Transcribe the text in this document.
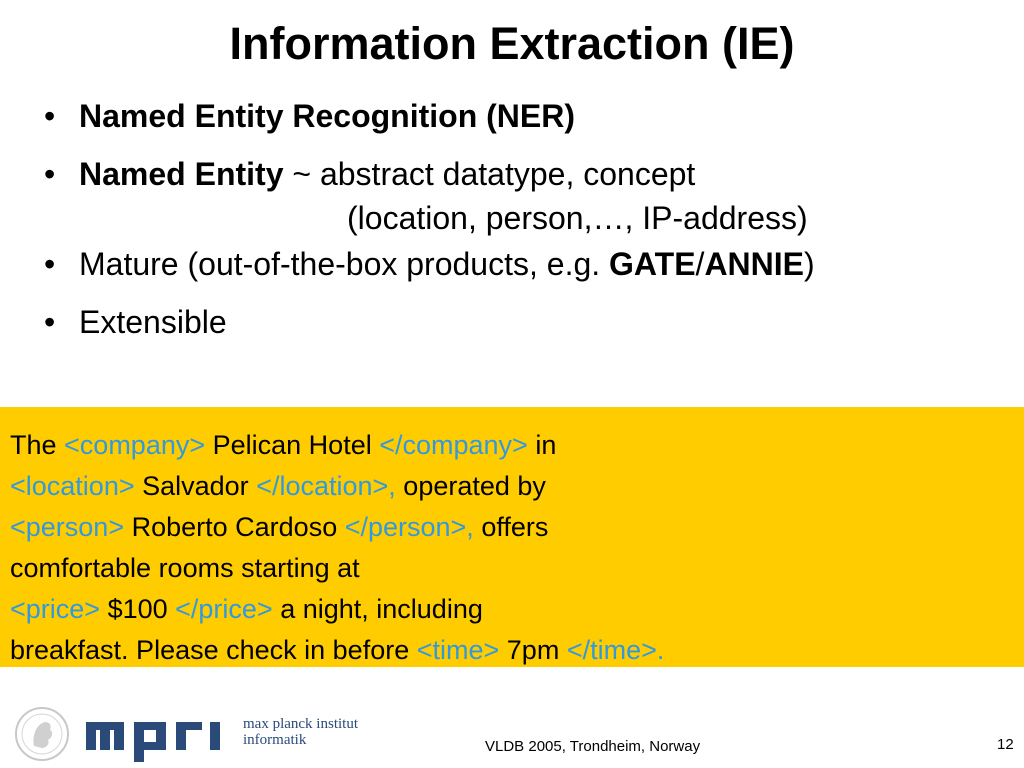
Information Extraction (IE)
• Named Entity Recognition (NER)
• Named Entity ~ abstract datatype, concept
(location, person,…, IP-address)
• Mature (out-of-the-box products, e.g. GATE/ANNIE)
• Extensible
The <company> Pelican Hotel </company> in
<location> Salvador </location>, operated by
<person> Roberto Cardoso </person>, offers
comfortable rooms starting at
<price> $100 </price> a night, including
breakfast. Please check in before <time> 7pm </time>.
max planck institut
informatik	VLDB 2005, Trondheim, Norway	12
